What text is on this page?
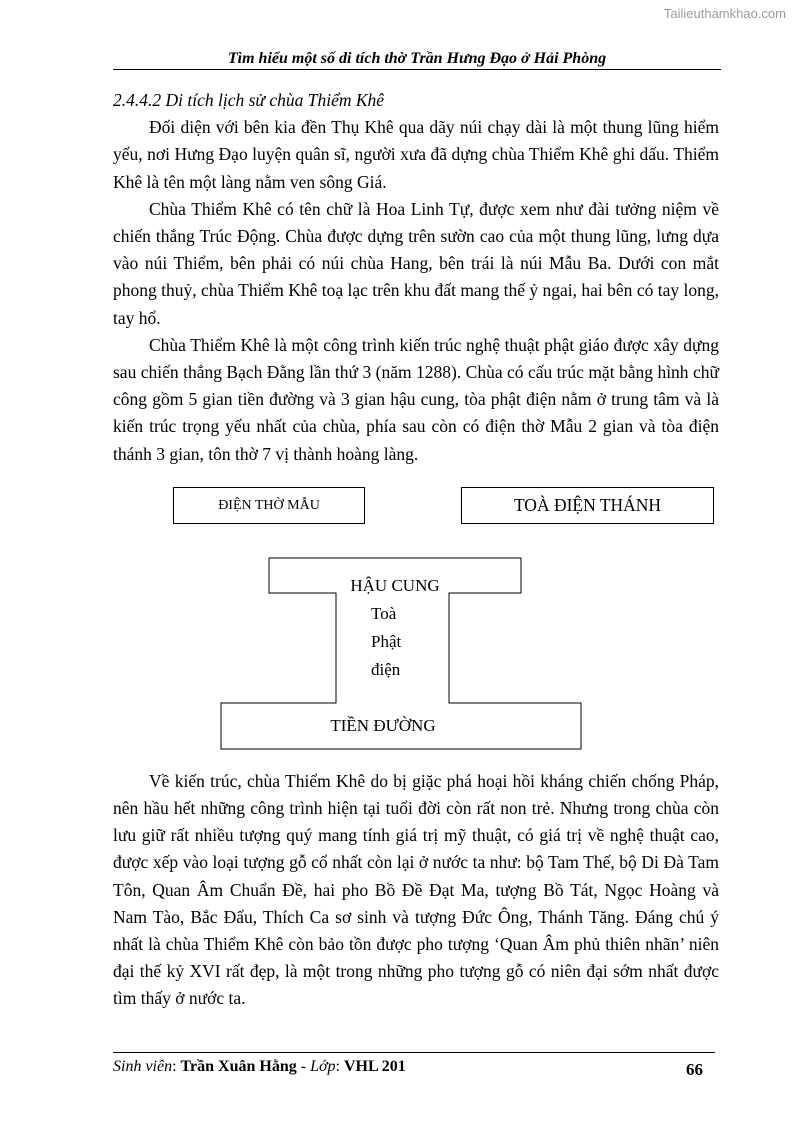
Tailieuthamkhao.com
Tìm hiểu một số di tích thờ Trần Hưng Đạo ở Hải Phòng

2.4.4.2 Di tích lịch sử chùa Thiểm Khê

Đối diện với bên kia đền Thụ Khê qua dãy núi chạy dài là một thung lũng hiểm yếu, nơi Hưng Đạo luyện quân sĩ, người xưa đã dựng chùa Thiểm Khê ghi dấu. Thiểm Khê là tên một làng nằm ven sông Giá.

Chùa Thiểm Khê có tên chữ là Hoa Linh Tự, được xem như đài tưởng niệm về chiến thắng Trúc Động. Chùa được dựng trên sườn cao của một thung lũng, lưng dựa vào núi Thiểm, bên phải có núi chùa Hang, bên trái là núi Mẫu Ba. Dưới con mắt phong thuỷ, chùa Thiểm Khê toạ lạc trên khu đất mang thế ỷ ngai, hai bên có tay long, tay hổ.

Chùa Thiểm Khê là một công trình kiến trúc nghệ thuật phật giáo được xây dựng sau chiến thắng Bạch Đằng lần thứ 3 (năm 1288). Chùa có cấu trúc mặt bằng hình chữ công gồm 5 gian tiền đường và 3 gian hậu cung, tòa phật điện nằm ở trung tâm và là kiến trúc trọng yếu nhất của chùa, phía sau còn có điện thờ Mẫu 2 gian và tòa điện thánh 3 gian, tôn thờ 7 vị thành hoàng làng.

ĐIỆN THỜ MẪU	TOÀ ĐIỆN THÁNH
HẬU CUNG
Toà
Phật
điện
TIỀN ĐƯỜNG

Về kiến trúc, chùa Thiểm Khê do bị giặc phá hoại hồi kháng chiến chống Pháp, nên hầu hết những công trình hiện tại tuổi đời còn rất non trẻ. Nhưng trong chùa còn lưu giữ rất nhiều tượng quý mang tính giá trị mỹ thuật, có giá trị về nghệ thuật cao, được xếp vào loại tượng gỗ cổ nhất còn lại ở nước ta như: bộ Tam Thế, bộ Di Đà Tam Tôn, Quan Âm Chuẩn Đề, hai pho Bồ Đề Đạt Ma, tượng Bồ Tát, Ngọc Hoàng và Nam Tào, Bắc Đẩu, Thích Ca sơ sinh và tượng Đức Ông, Thánh Tăng. Đáng chú ý nhất là chùa Thiểm Khê còn bảo tồn được pho tượng ‘Quan Âm phủ thiên nhãn’ niên đại thế kỷ XVI rất đẹp, là một trong những pho tượng gỗ có niên đại sớm nhất được tìm thấy ở nước ta.

Sinh viên: Trần Xuân Hằng - Lớp: VHL 201	66
